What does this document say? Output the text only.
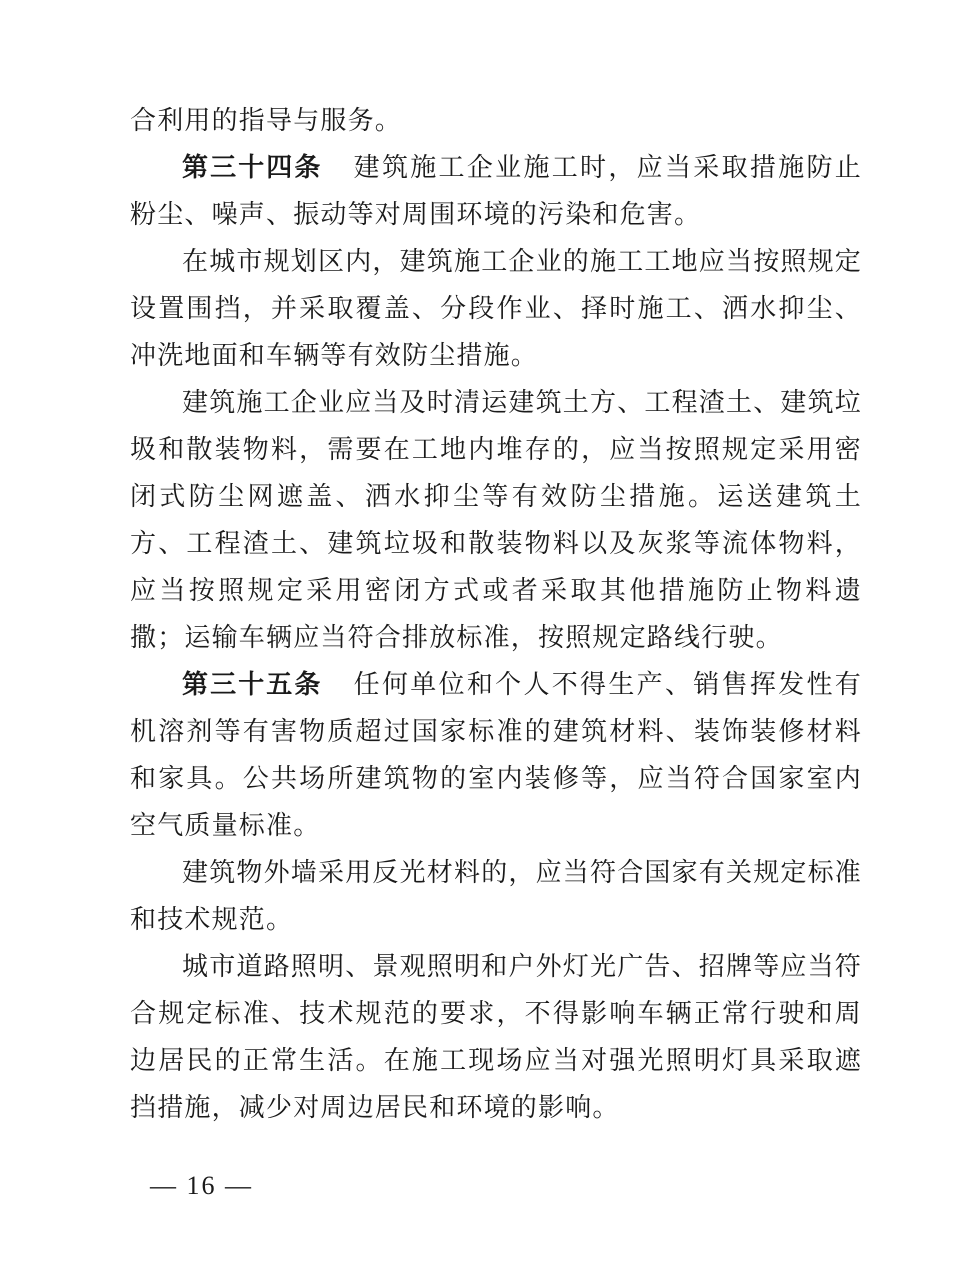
合利用的指导与服务。

第三十四条 建筑施工企业施工时，应当采取措施防止粉尘、噪声、振动等对周围环境的污染和危害。

在城市规划区内，建筑施工企业的施工工地应当按照规定设置围挡，并采取覆盖、分段作业、择时施工、洒水抑尘、冲洗地面和车辆等有效防尘措施。

建筑施工企业应当及时清运建筑土方、工程渣土、建筑垃圾和散装物料，需要在工地内堆存的，应当按照规定采用密闭式防尘网遮盖、洒水抑尘等有效防尘措施。运送建筑土方、工程渣土、建筑垃圾和散装物料以及灰浆等流体物料，应当按照规定采用密闭方式或者采取其他措施防止物料遗撒；运输车辆应当符合排放标准，按照规定路线行驶。

第三十五条 任何单位和个人不得生产、销售挥发性有机溶剂等有害物质超过国家标准的建筑材料、装饰装修材料和家具。公共场所建筑物的室内装修等，应当符合国家室内空气质量标准。

建筑物外墙采用反光材料的，应当符合国家有关规定标准和技术规范。

城市道路照明、景观照明和户外灯光广告、招牌等应当符合规定标准、技术规范的要求，不得影响车辆正常行驶和周边居民的正常生活。在施工现场应当对强光照明灯具采取遮挡措施，减少对周边居民和环境的影响。

— 16 —
